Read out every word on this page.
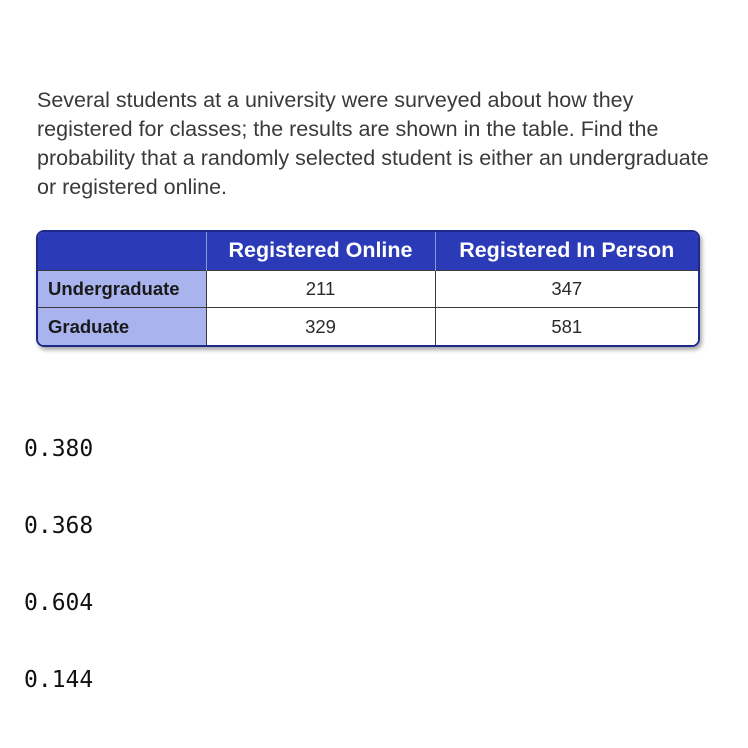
Several students at a university were surveyed about how they registered for classes; the results are shown in the table. Find the probability that a randomly selected student is either an undergraduate or registered online.
	Registered Online	Registered In Person
Undergraduate	211	347
Graduate	329	581
0.380
0.368
0.604
0.144
